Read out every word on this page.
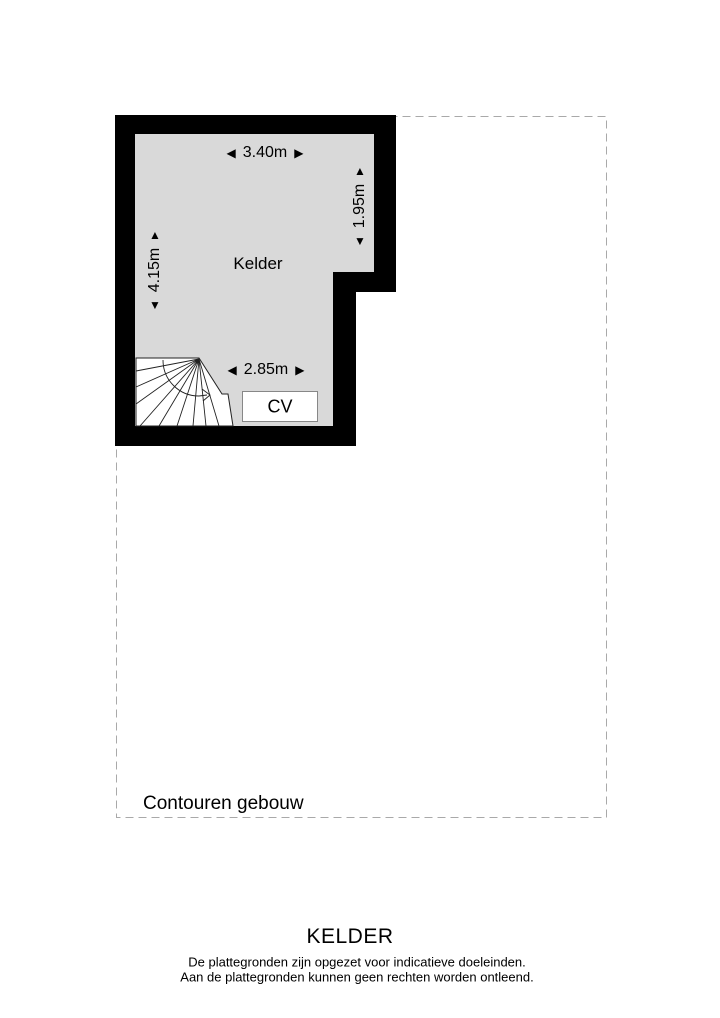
◀ 3.40m ▶
▲
1.95m
▼
▲
4.15m
▼
◀ 2.85m ▶
Kelder
CV
Contouren gebouw
KELDER
De plattegronden zijn opgezet voor indicatieve doeleinden.
Aan de plattegronden kunnen geen rechten worden ontleend.
